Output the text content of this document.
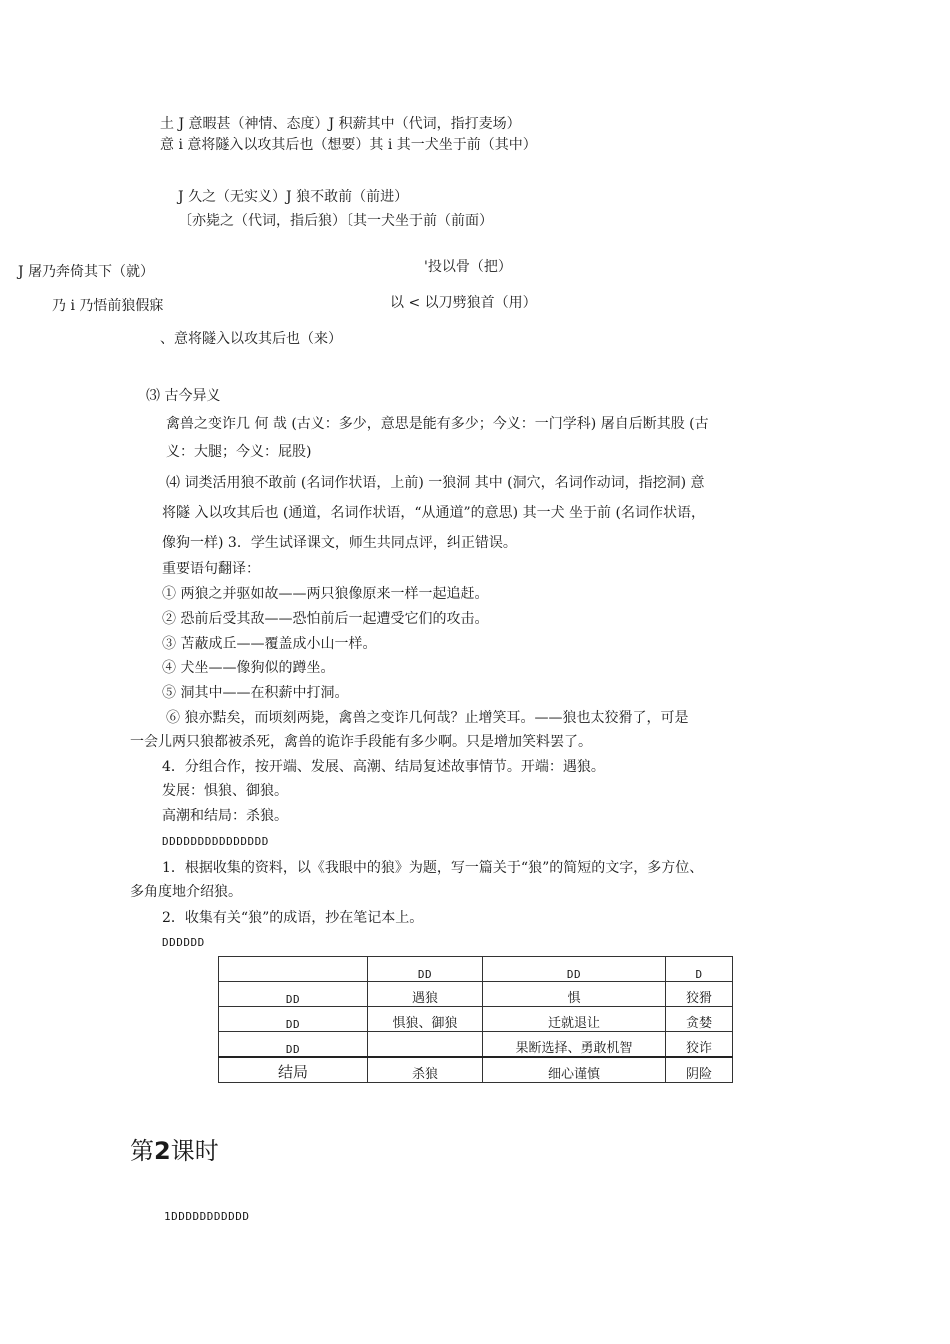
土 J 意暇甚（神情、态度）J 积薪其中（代词，指打麦场）
意 i 意将隧入以攻其后也（想要）其 i 其一犬坐于前（其中）
J 久之（无实义）J 狼不敢前（前进）
〔亦毙之（代词，指后狼）〔其一犬坐于前（前面）
J 屠乃奔倚其下（就）	'投以骨（把）
乃 i 乃悟前狼假寐	以 < 以刀劈狼首（用）
、意将隧入以攻其后也（来）
⑶ 古今异义
禽兽之变诈几 何 哉 (古义：多少，意思是能有多少；今义：一门学科) 屠自后断其股 (古
义：大腿；今义：屁股)
⑷ 词类活用狼不敢前 (名词作状语，上前) 一狼洞 其中 (洞穴，名词作动词，指挖洞) 意
将隧 入以攻其后也 (通道，名词作状语，“从通道”的意思) 其一犬 坐于前 (名词作状语，
像狗一样) 3．学生试译课文，师生共同点评，纠正错误。
重要语句翻译：
① 两狼之并驱如故——两只狼像原来一样一起追赶。
② 恐前后受其敌——恐怕前后一起遭受它们的攻击。
③ 苫蔽成丘——覆盖成小山一样。
④ 犬坐——像狗似的蹲坐。
⑤ 洞其中——在积薪中打洞。
⑥ 狼亦黠矣，而顷刻两毙，禽兽之变诈几何哉？止增笑耳。——狼也太狡猾了，可是
一会儿两只狼都被杀死，禽兽的诡诈手段能有多少啊。只是增加笑料罢了。
4．分组合作，按开端、发展、高潮、结局复述故事情节。开端：遇狼。
发展：惧狼、御狼。
高潮和结局：杀狼。
DDDDDDDDDDDDDDD
1．根据收集的资料，以《我眼中的狼》为题，写一篇关于“狼”的简短的文字，多方位、
多角度地介绍狼。
2．收集有关“狼”的成语，抄在笔记本上。
DDDDDD
	DD	DD	D
DD	遇狼	惧	狡猾
DD	惧狼、御狼	迁就退让	贪婪
DD		果断选择、勇敢机智	狡诈
结局	杀狼	细心谨慎	阴险
第2课时
1DDDDDDDDDDD
